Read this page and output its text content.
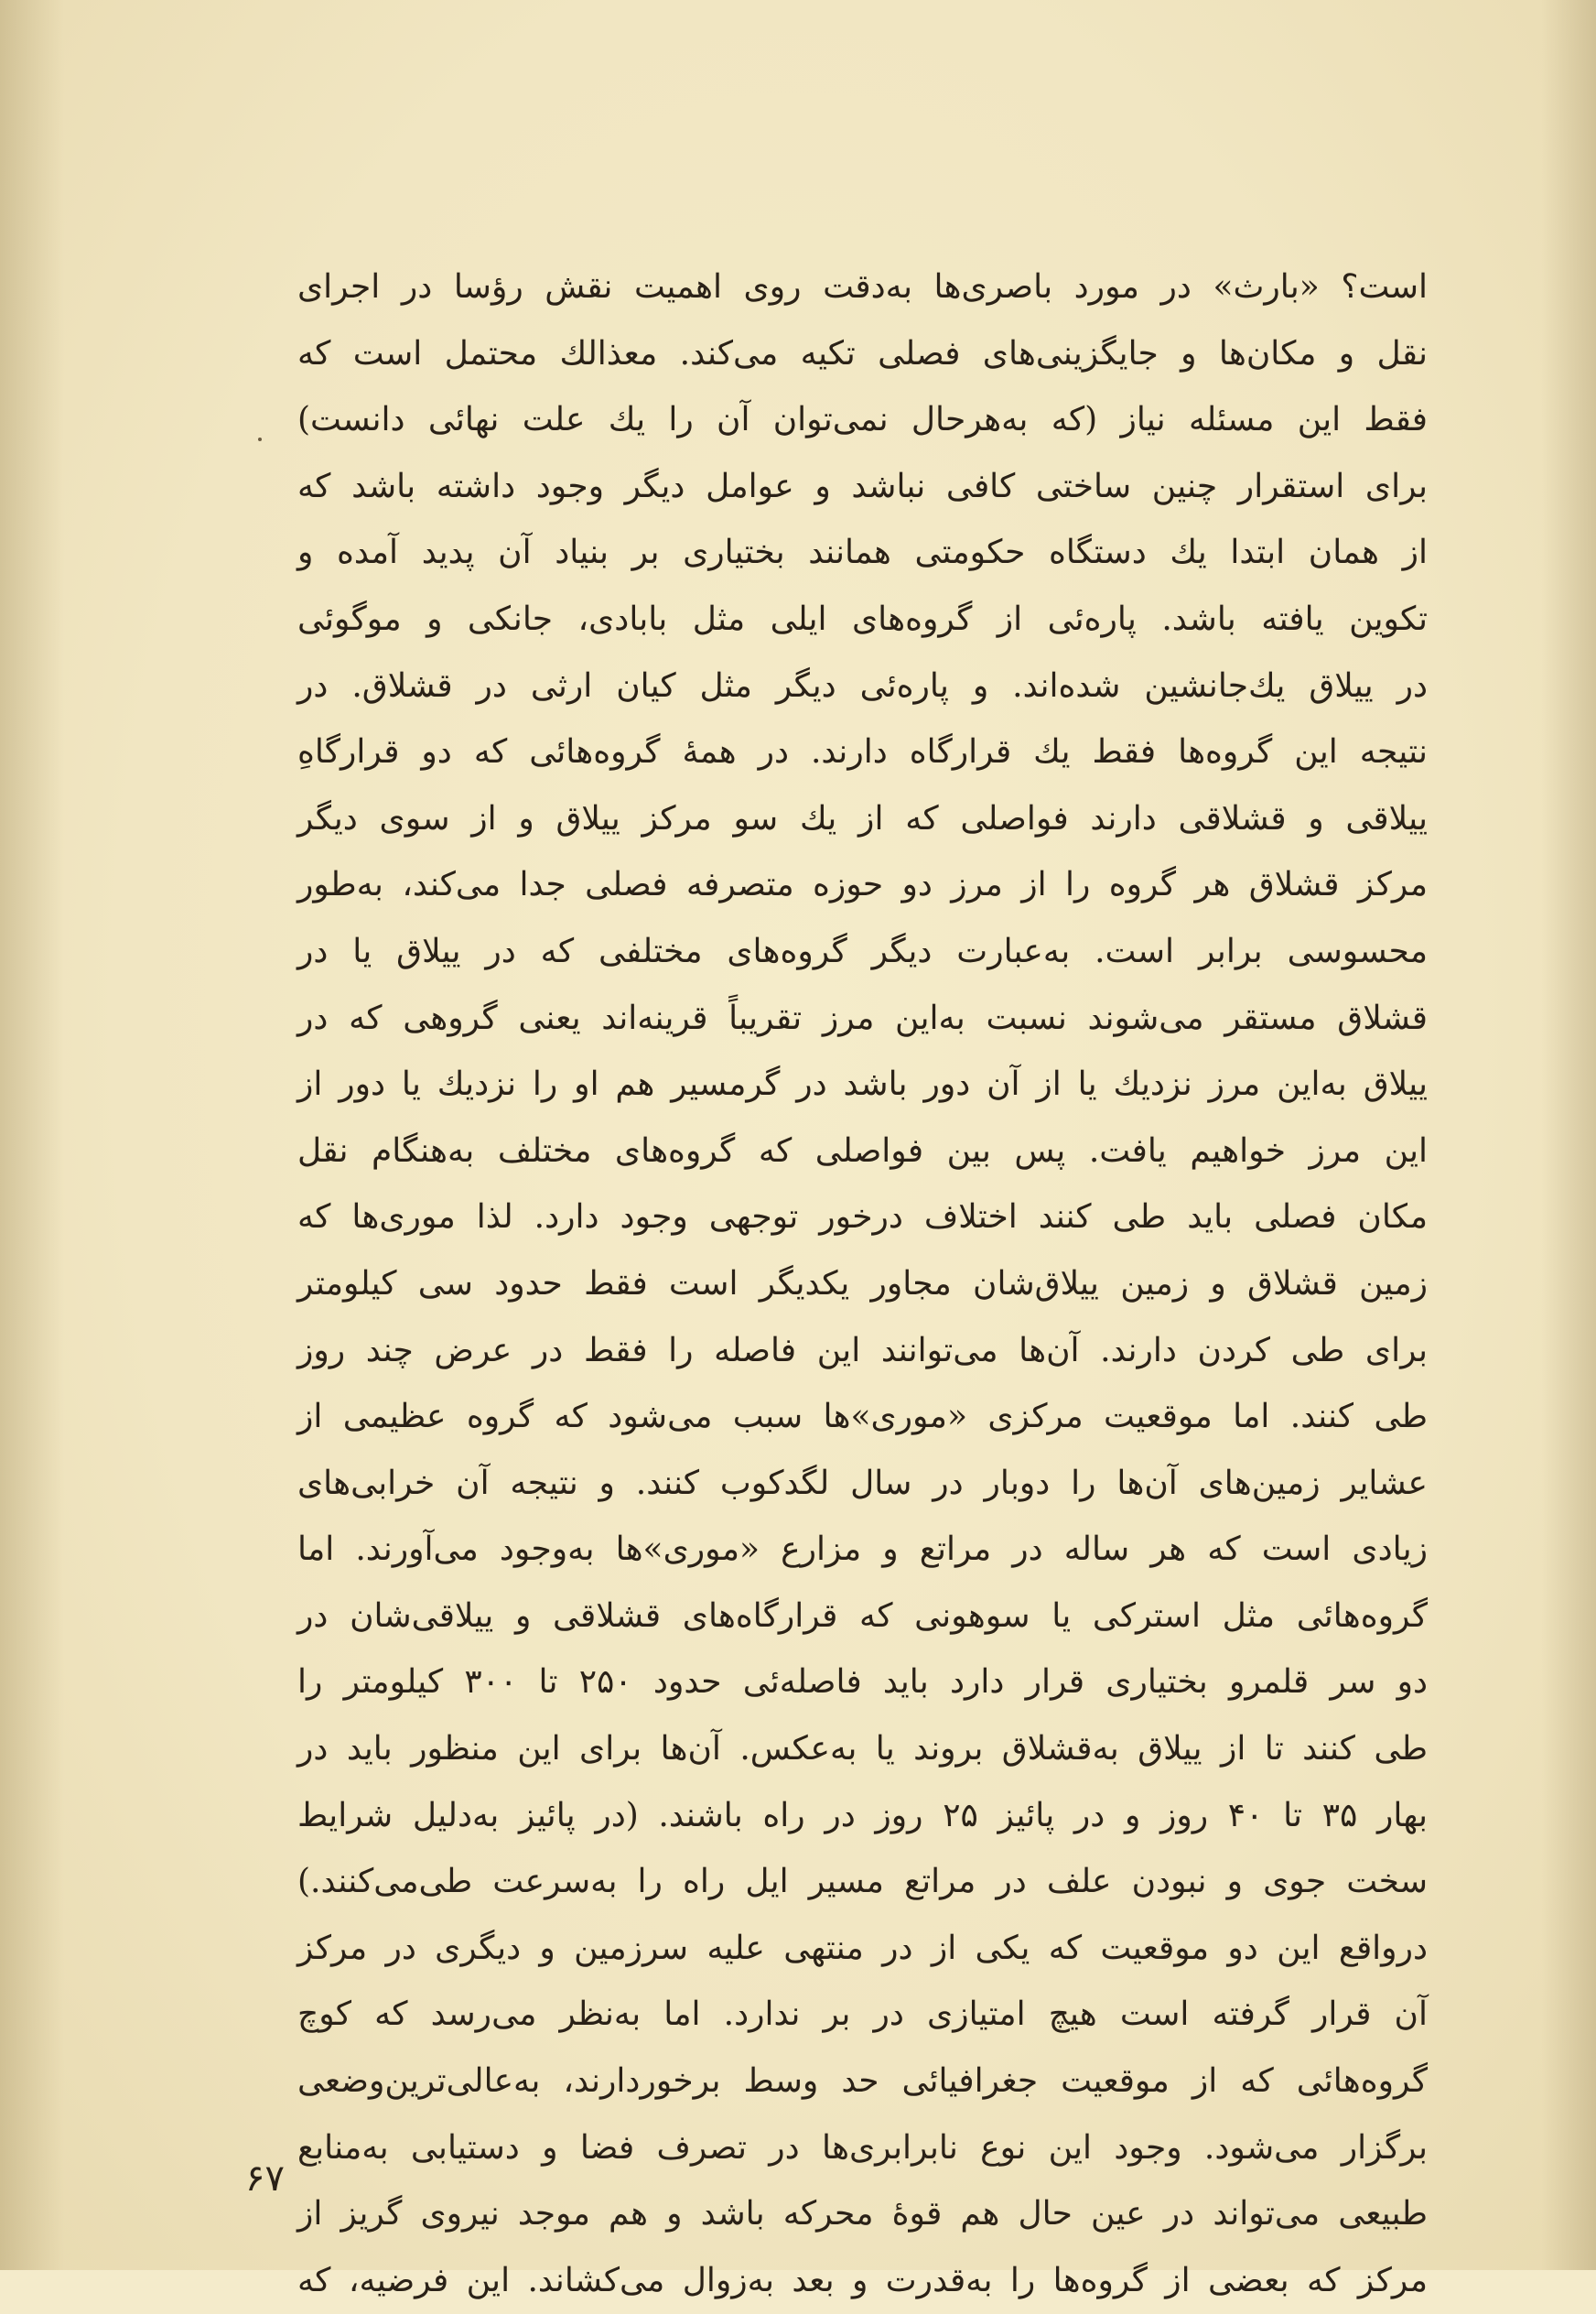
است؟ «بارث» در مورد باصری‌ها به‌دقت روی اهمیت نقش رؤسا در اجرای
نقل و مکان‌ها و جایگزینی‌های فصلی تکیه می‌کند. معذالك محتمل است که
فقط این مسئله نیاز (که به‌هرحال نمی‌توان آن را یك علت نهائی دانست)
برای استقرار چنین ساختی کافی نباشد و عوامل دیگر وجود داشته باشد که
از همان ابتدا یك دستگاه حکومتی همانند بختیاری بر بنیاد آن پدید آمده و
تکوین یافته باشد. پاره‌ئی از گروه‌های ایلی مثل بابادی، جانکی و موگوئی
در ییلاق یك‌جانشین شده‌اند. و پاره‌ئی دیگر مثل کیان ارثی در قشلاق. در
نتیجه این گروه‌ها فقط یك قرارگاه دارند. در همهٔ گروه‌هائی که دو قرارگاهِ
ییلاقی و قشلاقی دارند فواصلی که از یك سو مرکز ییلاق و از سوی دیگر
مرکز قشلاق هر گروه را از مرز دو حوزه متصرفه فصلی جدا می‌کند، به‌طور
محسوسی برابر است. به‌عبارت دیگر گروه‌های مختلفی که در ییلاق یا در
قشلاق مستقر می‌شوند نسبت به‌این مرز تقریباً قرینه‌اند یعنی گروهی که در
ییلاق به‌این مرز نزدیك یا از آن دور باشد در گرمسیر هم او را نزدیك یا دور از
این مرز خواهیم یافت. پس بین فواصلی که گروه‌های مختلف به‌هنگام نقل
مکان فصلی باید طی کنند اختلاف درخور توجهی وجود دارد. لذا موری‌ها که
زمین قشلاق و زمین ییلاق‌شان مجاور یکدیگر است فقط حدود سی کیلومتر
برای طی کردن دارند. آن‌ها می‌توانند این فاصله را فقط در عرض چند روز
طی کنند. اما موقعیت مرکزی «موری»ها سبب می‌شود که گروه عظیمی از
عشایر زمین‌های آن‌ها را دوبار در سال لگدکوب کنند. و نتیجه آن خرابی‌های
زیادی است که هر ساله در مراتع و مزارع «موری»ها به‌وجود می‌آورند. اما
گروه‌هائی مثل استرکی یا سوهونی که قرارگاه‌های قشلاقی و ییلاقی‌شان در
دو سر قلمرو بختیاری قرار دارد باید فاصله‌ئی حدود ۲۵۰ تا ۳۰۰ کیلومتر را
طی کنند تا از ییلاق به‌قشلاق بروند یا به‌عکس. آن‌ها برای این منظور باید در
بهار ۳۵ تا ۴۰ روز و در پائیز ۲۵ روز در راه باشند. (در پائیز به‌دلیل شرایط
سخت جوی و نبودن علف در مراتع مسیر ایل راه را به‌سرعت طی‌می‌کنند.)
درواقع این دو موقعیت که یکی از در منتهی علیه سرزمین و دیگری در مرکز
آن قرار گرفته است هیچ امتیازی در بر ندارد. اما به‌نظر می‌رسد که کوچ
گروه‌هائی که از موقعیت جغرافیائی حد وسط برخوردارند، به‌عالی‌ترین‌وضعی
برگزار می‌شود. وجود این نوع نابرابری‌ها در تصرف فضا و دستیابی به‌منابع
طبیعی می‌تواند در عین حال هم قوهٔ محرکه باشد و هم موجد نیروی گریز از
مرکز که بعضی از گروه‌ها را به‌قدرت و بعد به‌زوال می‌کشاند. این فرضیه، که
۶۷
